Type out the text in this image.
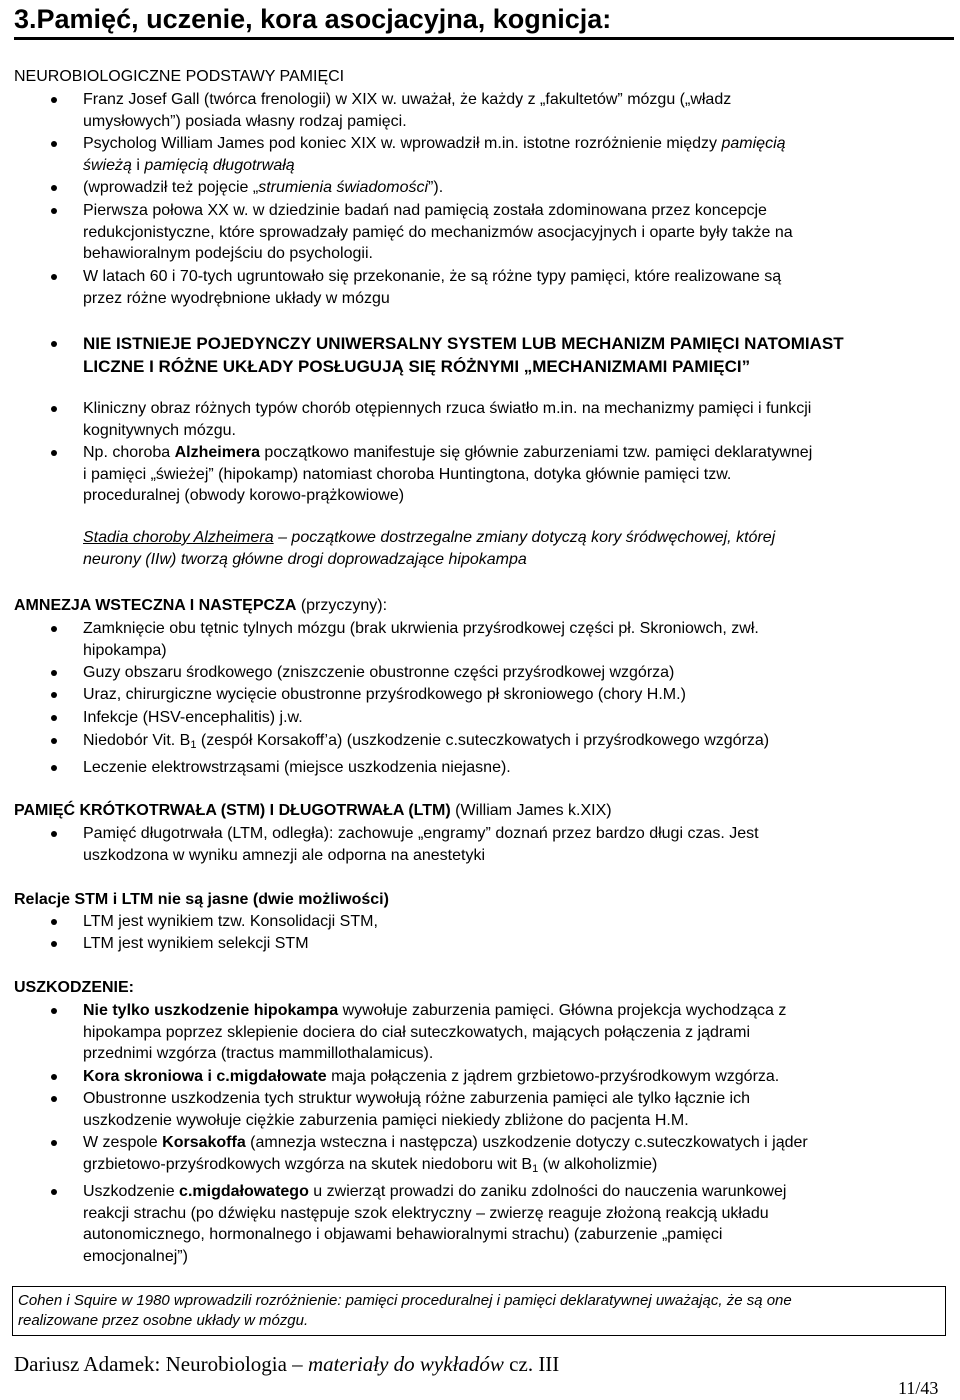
3.Pamięć, uczenie, kora asocjacyjna, kognicja:
NEUROBIOLOGICZNE PODSTAWY PAMIĘCI
Franz Josef Gall (twórca frenologii) w XIX w. uważał, że każdy z „fakultetów” mózgu („władz
umysłowych”) posiada własny rodzaj pamięci.
Psycholog William James pod koniec XIX w. wprowadził m.in. istotne rozróżnienie między pamięcią
świeżą i pamięcią długotrwałą
(wprowadził też pojęcie „strumienia świadomości”).
Pierwsza połowa XX w. w dziedzinie badań nad pamięcią została zdominowana przez koncepcje
redukcjonistyczne, które sprowadzały pamięć do mechanizmów asocjacyjnych i oparte były także na
behawioralnym podejściu do psychologii.
W latach 60 i 70-tych ugruntowało się przekonanie, że są różne typy pamięci, które realizowane są
przez różne wyodrębnione układy w mózgu
NIE ISTNIEJE POJEDYNCZY UNIWERSALNY SYSTEM LUB MECHANIZM PAMIĘCI NATOMIAST
LICZNE I RÓŻNE UKŁADY POSŁUGUJĄ SIĘ RÓŻNYMI „MECHANIZMAMI PAMIĘCI”
Kliniczny obraz różnych typów chorób otępiennych rzuca światło m.in. na mechanizmy pamięci i funkcji
kognitywnych mózgu.
Np. choroba Alzheimera początkowo manifestuje się głównie zaburzeniami tzw. pamięci deklaratywnej
i pamięci „świeżej” (hipokamp) natomiast choroba Huntingtona, dotyka głównie pamięci tzw.
proceduralnej (obwody korowo-prążkowiowe)
Stadia choroby Alzheimera – początkowe dostrzegalne zmiany dotyczą kory śródwęchowej, której
neurony (IIw) tworzą główne drogi doprowadzające hipokampa
AMNEZJA WSTECZNA I NASTĘPCZA (przyczyny):
Zamknięcie obu tętnic tylnych mózgu (brak ukrwienia przyśrodkowej części pł. Skroniowch, zwł.
hipokampa)
Guzy obszaru środkowego (zniszczenie obustronne części przyśrodkowej wzgórza)
Uraz, chirurgiczne wycięcie obustronne przyśrodkowego pł skroniowego (chory H.M.)
Infekcje (HSV-encephalitis) j.w.
Niedobór Vit. $B_1$ (zespół Korsakoff’a) (uszkodzenie c.suteczkowatych i przyśrodkowego wzgórza)
Leczenie elektrowstrząsami (miejsce uszkodzenia niejasne).
PAMIĘĆ KRÓTKOTRWAŁA (STM) I DŁUGOTRWAŁA (LTM) (William James k.XIX)
Pamięć długotrwała (LTM, odległa): zachowuje „engramy” doznań przez bardzo długi czas. Jest
uszkodzona w wyniku amnezji ale odporna na anestetyki
Relacje STM i LTM nie są jasne (dwie możliwości)
LTM jest wynikiem tzw. Konsolidacji STM,
LTM jest wynikiem selekcji STM
USZKODZENIE:
Nie tylko uszkodzenie hipokampa wywołuje zaburzenia pamięci. Główna projekcja wychodząca z
hipokampa poprzez sklepienie dociera do ciał suteczkowatych, mających połączenia z jądrami
przednimi wzgórza (tractus mammillothalamicus).
Kora skroniowa i c.migdałowate maja połączenia z jądrem grzbietowo-przyśrodkowym wzgórza.
Obustronne uszkodzenia tych struktur wywołują różne zaburzenia pamięci ale tylko łącznie ich
uszkodzenie wywołuje ciężkie zaburzenia pamięci niekiedy zbliżone do pacjenta H.M.
W zespole Korsakoffa (amnezja wsteczna i następcza) uszkodzenie dotyczy c.suteczkowatych i jąder
grzbietowo-przyśrodkowych wzgórza na skutek niedoboru wit $B_1$ (w alkoholizmie)
Uszkodzenie c.migdałowatego u zwierząt prowadzi do zaniku zdolności do nauczenia warunkowej
reakcji strachu (po dźwięku następuje szok elektryczny – zwierzę reaguje złożoną reakcją układu
autonomicznego, hormonalnego i objawami behawioralnymi strachu) (zaburzenie „pamięci
emocjonalnej”)
Cohen i Squire w 1980 wprowadzili rozróżnienie: pamięci proceduralnej i pamięci deklaratywnej uważając, że są one
realizowane przez osobne układy w mózgu.
Dariusz Adamek: Neurobiologia – materiały do wykładów cz. III
11/43
